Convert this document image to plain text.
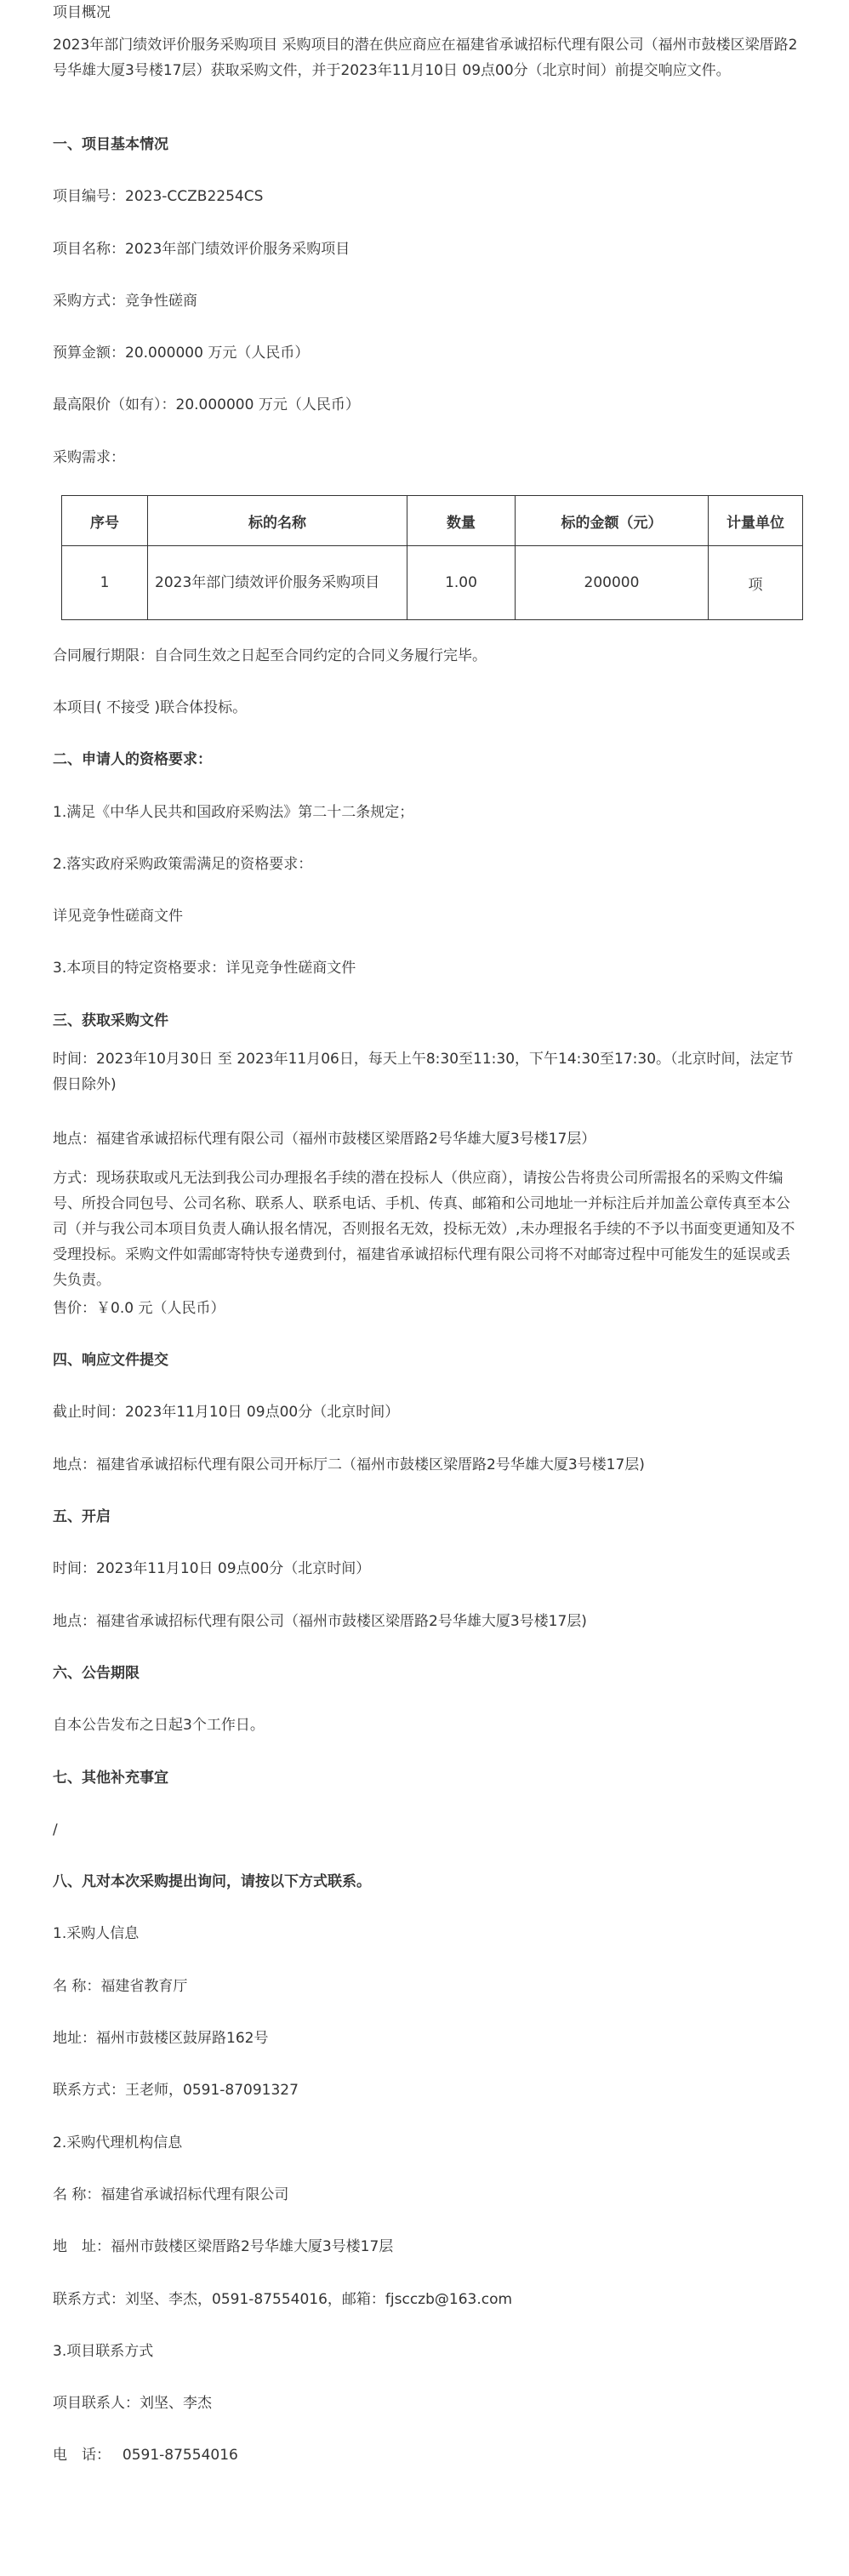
项目概况

2023年部门绩效评价服务采购项目 采购项目的潜在供应商应在福建省承诚招标代理有限公司（福州市鼓楼区梁厝路2号华雄大厦3号楼17层）获取采购文件，并于2023年11月10日 09点00分（北京时间）前提交响应文件。

一、项目基本情况

项目编号：2023-CCZB2254CS

项目名称：2023年部门绩效评价服务采购项目

采购方式：竞争性磋商

预算金额：20.000000 万元（人民币）

最高限价（如有）：20.000000 万元（人民币）

采购需求：

序号	标的名称	数量	标的金额（元）	计量单位
1	2023年部门绩效评价服务采购项目	1.00	200000	项

合同履行期限：自合同生效之日起至合同约定的合同义务履行完毕。

本项目( 不接受 )联合体投标。

二、申请人的资格要求：

1.满足《中华人民共和国政府采购法》第二十二条规定；

2.落实政府采购政策需满足的资格要求：

详见竞争性磋商文件

3.本项目的特定资格要求：详见竞争性磋商文件

三、获取采购文件

时间：2023年10月30日 至 2023年11月06日，每天上午8:30至11:30，下午14:30至17:30。（北京时间，法定节假日除外)

地点：福建省承诚招标代理有限公司（福州市鼓楼区梁厝路2号华雄大厦3号楼17层）

方式：现场获取或凡无法到我公司办理报名手续的潜在投标人（供应商），请按公告将贵公司所需报名的采购文件编号、所投合同包号、公司名称、联系人、联系电话、手机、传真、邮箱和公司地址一并标注后并加盖公章传真至本公司（并与我公司本项目负责人确认报名情况，否则报名无效，投标无效）,未办理报名手续的不予以书面变更通知及不受理投标。采购文件如需邮寄特快专递费到付，福建省承诚招标代理有限公司将不对邮寄过程中可能发生的延误或丢失负责。

售价：￥0.0 元（人民币）

四、响应文件提交

截止时间：2023年11月10日 09点00分（北京时间）

地点：福建省承诚招标代理有限公司开标厅二（福州市鼓楼区梁厝路2号华雄大厦3号楼17层)

五、开启

时间：2023年11月10日 09点00分（北京时间）

地点：福建省承诚招标代理有限公司（福州市鼓楼区梁厝路2号华雄大厦3号楼17层)

六、公告期限

自本公告发布之日起3个工作日。

七、其他补充事宜

/

八、凡对本次采购提出询问，请按以下方式联系。

1.采购人信息

名 称：福建省教育厅

地址：福州市鼓楼区鼓屏路162号

联系方式：王老师，0591-87091327

2.采购代理机构信息

名 称：福建省承诚招标代理有限公司

地　址：福州市鼓楼区梁厝路2号华雄大厦3号楼17层

联系方式：刘坚、李杰，0591-87554016，邮箱：fjscczb@163.com

3.项目联系方式

项目联系人：刘坚、李杰

电　话：　 0591-87554016
